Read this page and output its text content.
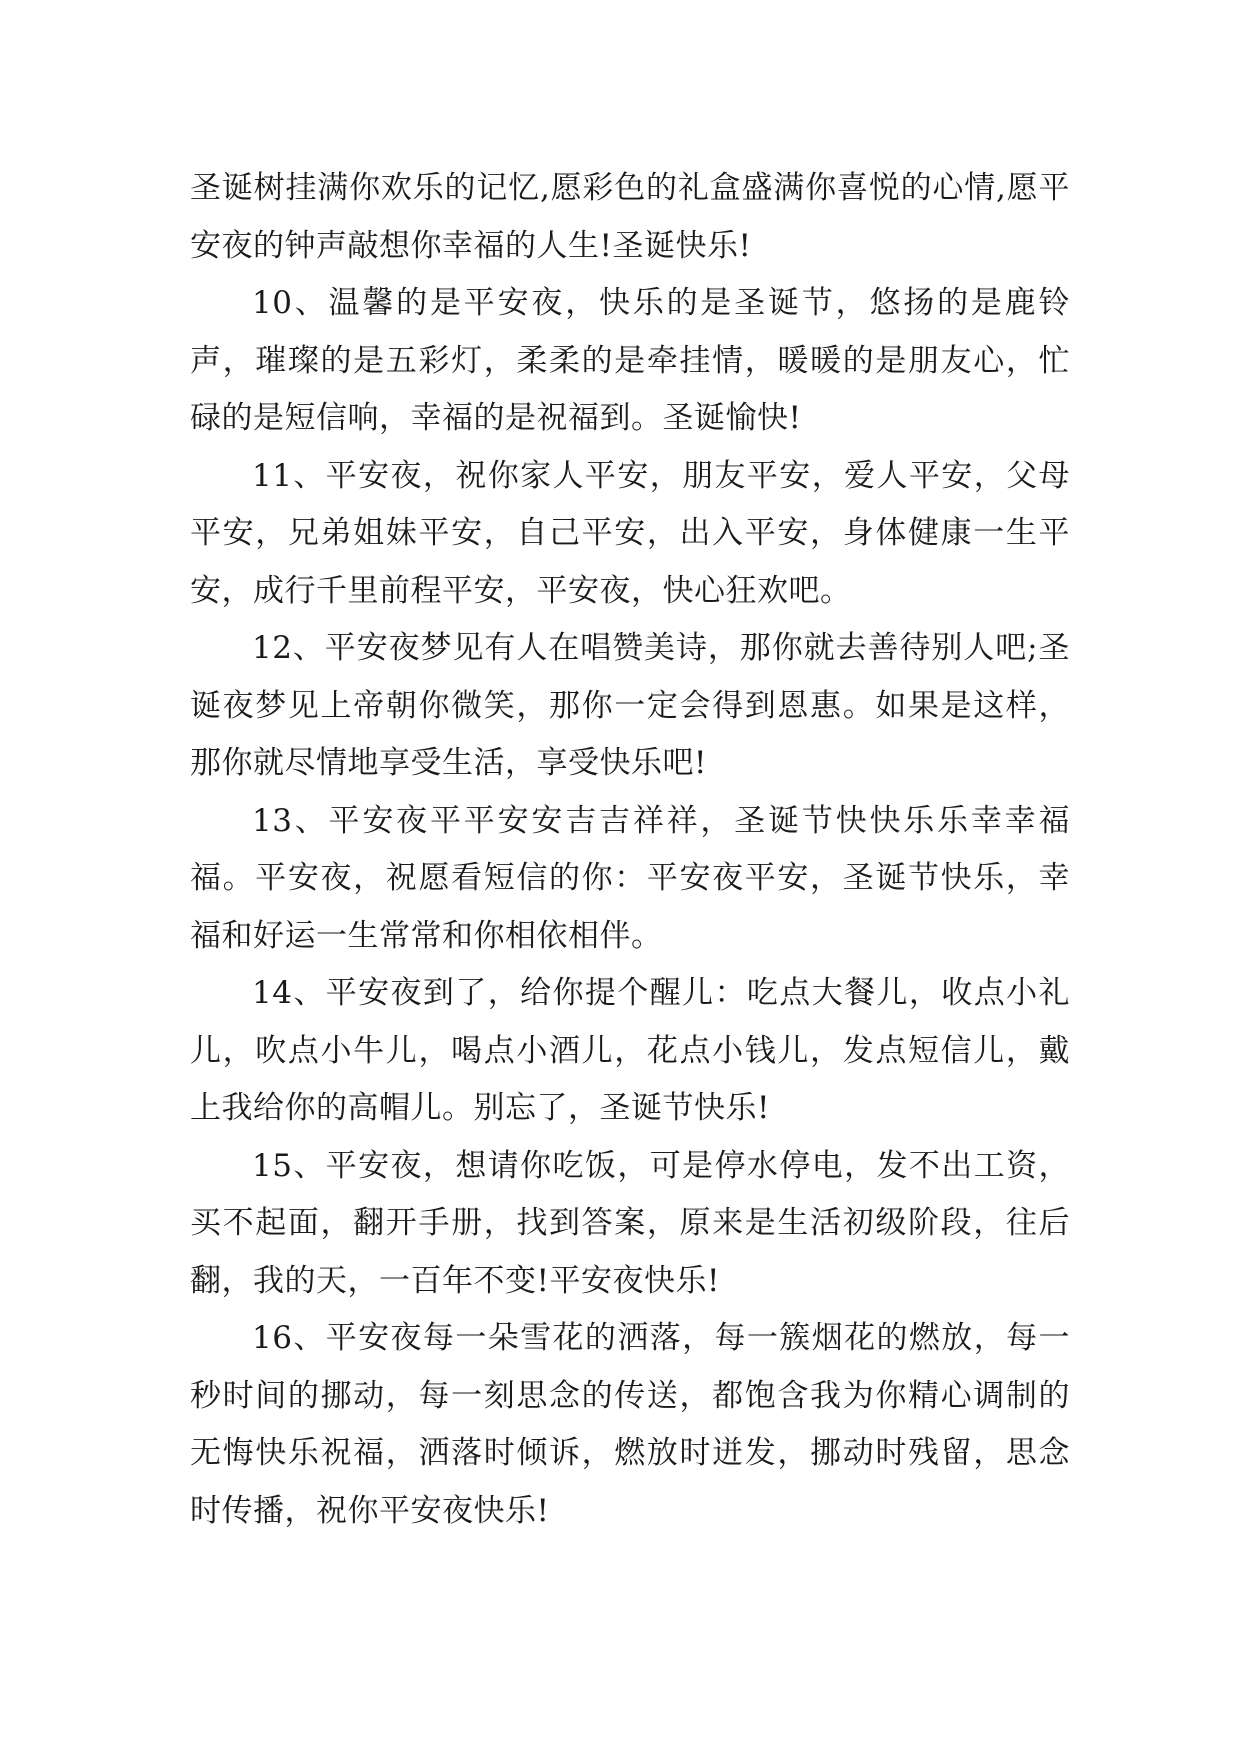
圣诞树挂满你欢乐的记忆,愿彩色的礼盒盛满你喜悦的心情,愿平安夜的钟声敲想你幸福的人生!圣诞快乐!

10、温馨的是平安夜，快乐的是圣诞节，悠扬的是鹿铃声，璀璨的是五彩灯，柔柔的是牵挂情，暖暖的是朋友心，忙碌的是短信响，幸福的是祝福到。圣诞愉快!

11、平安夜，祝你家人平安，朋友平安，爱人平安，父母平安，兄弟姐妹平安，自己平安，出入平安，身体健康一生平安，成行千里前程平安，平安夜，快心狂欢吧。

12、平安夜梦见有人在唱赞美诗，那你就去善待别人吧;圣诞夜梦见上帝朝你微笑，那你一定会得到恩惠。如果是这样，那你就尽情地享受生活，享受快乐吧!

13、平安夜平平安安吉吉祥祥，圣诞节快快乐乐幸幸福福。平安夜，祝愿看短信的你：平安夜平安，圣诞节快乐，幸福和好运一生常常和你相依相伴。

14、平安夜到了，给你提个醒儿：吃点大餐儿，收点小礼儿，吹点小牛儿，喝点小酒儿，花点小钱儿，发点短信儿，戴上我给你的高帽儿。别忘了，圣诞节快乐!

15、平安夜，想请你吃饭，可是停水停电，发不出工资，买不起面，翻开手册，找到答案，原来是生活初级阶段，往后翻，我的天，一百年不变!平安夜快乐!

16、平安夜每一朵雪花的洒落，每一簇烟花的燃放，每一秒时间的挪动，每一刻思念的传送，都饱含我为你精心调制的无悔快乐祝福，洒落时倾诉，燃放时迸发，挪动时残留，思念时传播，祝你平安夜快乐!
